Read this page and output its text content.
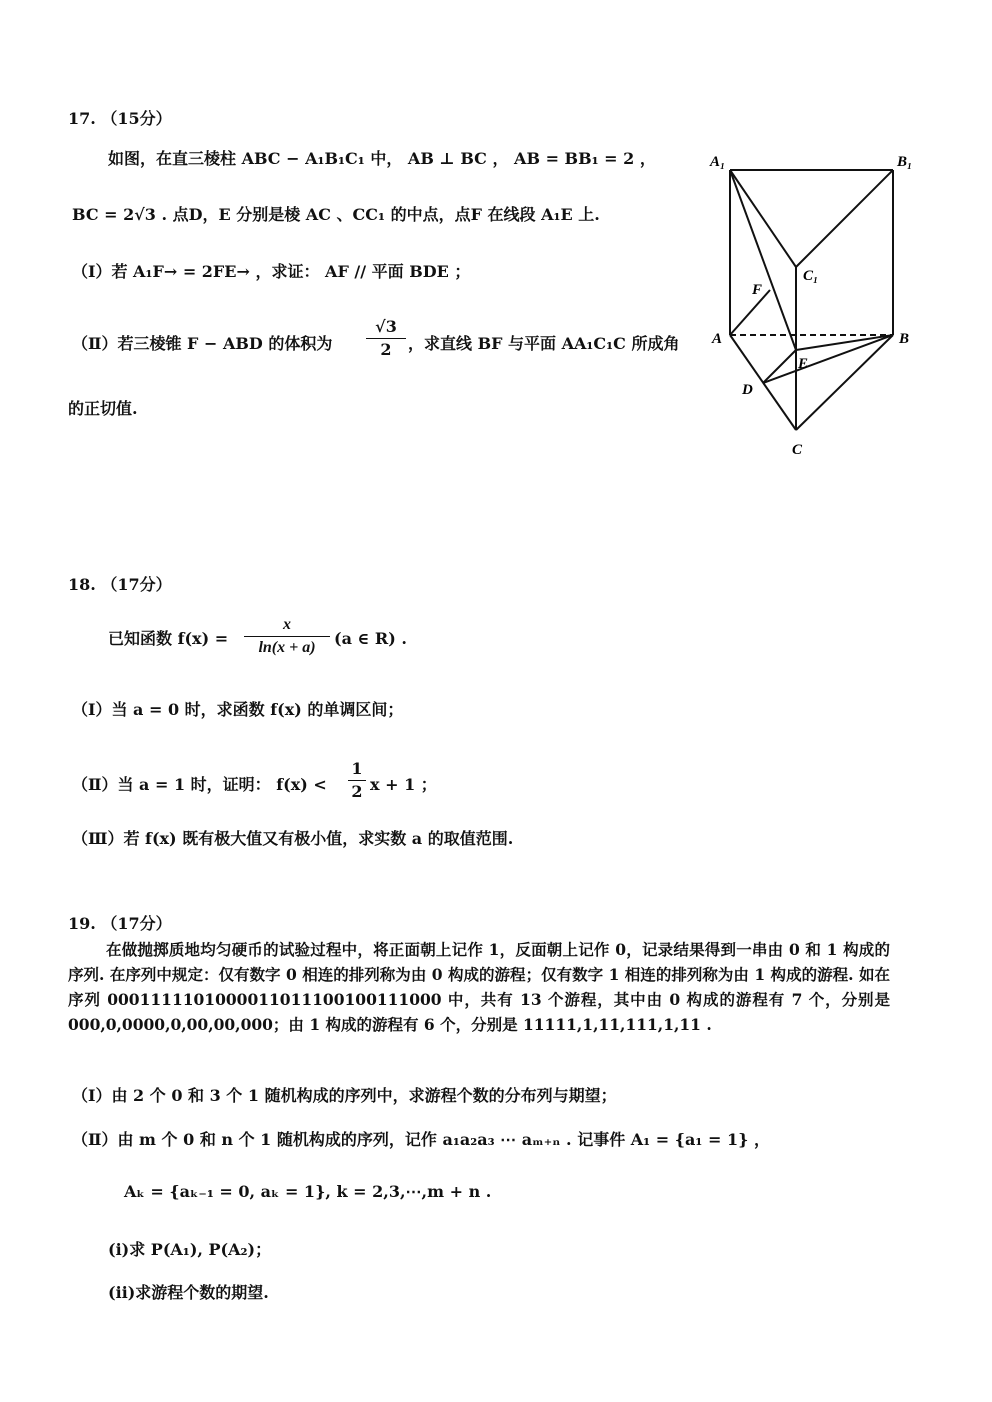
17. （15分）
如图，在直三棱柱 ABC − A₁B₁C₁ 中， AB ⊥ BC ， AB = BB₁ = 2 ，
BC = 2√3 . 点D，E 分别是棱 AC 、CC₁ 的中点，点F 在线段 A₁E 上.
（Ⅰ）若 A₁F→ = 2FE→ ，求证： AF // 平面 BDE ；
（Ⅱ）若三棱锥 F − ABD 的体积为 $\frac{√3}{2}$ ，求直线 BF 与平面 AA₁C₁C 所成角
的正切值.
A₁	B₁
C₁
A	B
C
D
E
F
18. （17分）
已知函数 $f(x) = \frac{x}{\ln(x + a)} (a$ ∈ R) .
（Ⅰ）当 a = 0 时，求函数 f(x) 的单调区间；
（Ⅱ）当 a = 1 时，证明： $f(x) < \frac{1}{2}$ x + 1 ；
（Ⅲ）若 f(x) 既有极大值又有极小值，求实数 a 的取值范围.
19. （17分）
在做抛掷质地均匀硬币的试验过程中，将正面朝上记作 1，反面朝上记作 0，记录结果得到一串由 0 和 1 构成的序列. 在序列中规定：仅有数字 0 相连的排列称为由 0 构成的游程；仅有数字 1 相连的排列称为由 1 构成的游程. 如在序列 0001111101000011011100100111000 中，共有 13 个游程，其中由 0 构成的游程有 7 个，分别是 000,0,0000,0,00,00,000；由 1 构成的游程有 6 个，分别是 11111,1,11,111,1,11 .
（Ⅰ）由 2 个 0 和 3 个 1 随机构成的序列中，求游程个数的分布列与期望；
（Ⅱ）由 m 个 0 和 n 个 1 随机构成的序列，记作 a₁a₂a₃ ⋯ aₘ₊ₙ . 记事件 A₁ = {a₁ = 1} ，
Aₖ = {aₖ₋₁ = 0, aₖ = 1}, k = 2,3,⋯,m + n .
(ⅰ)求 P(A₁), P(A₂)；
(ⅱ)求游程个数的期望.
